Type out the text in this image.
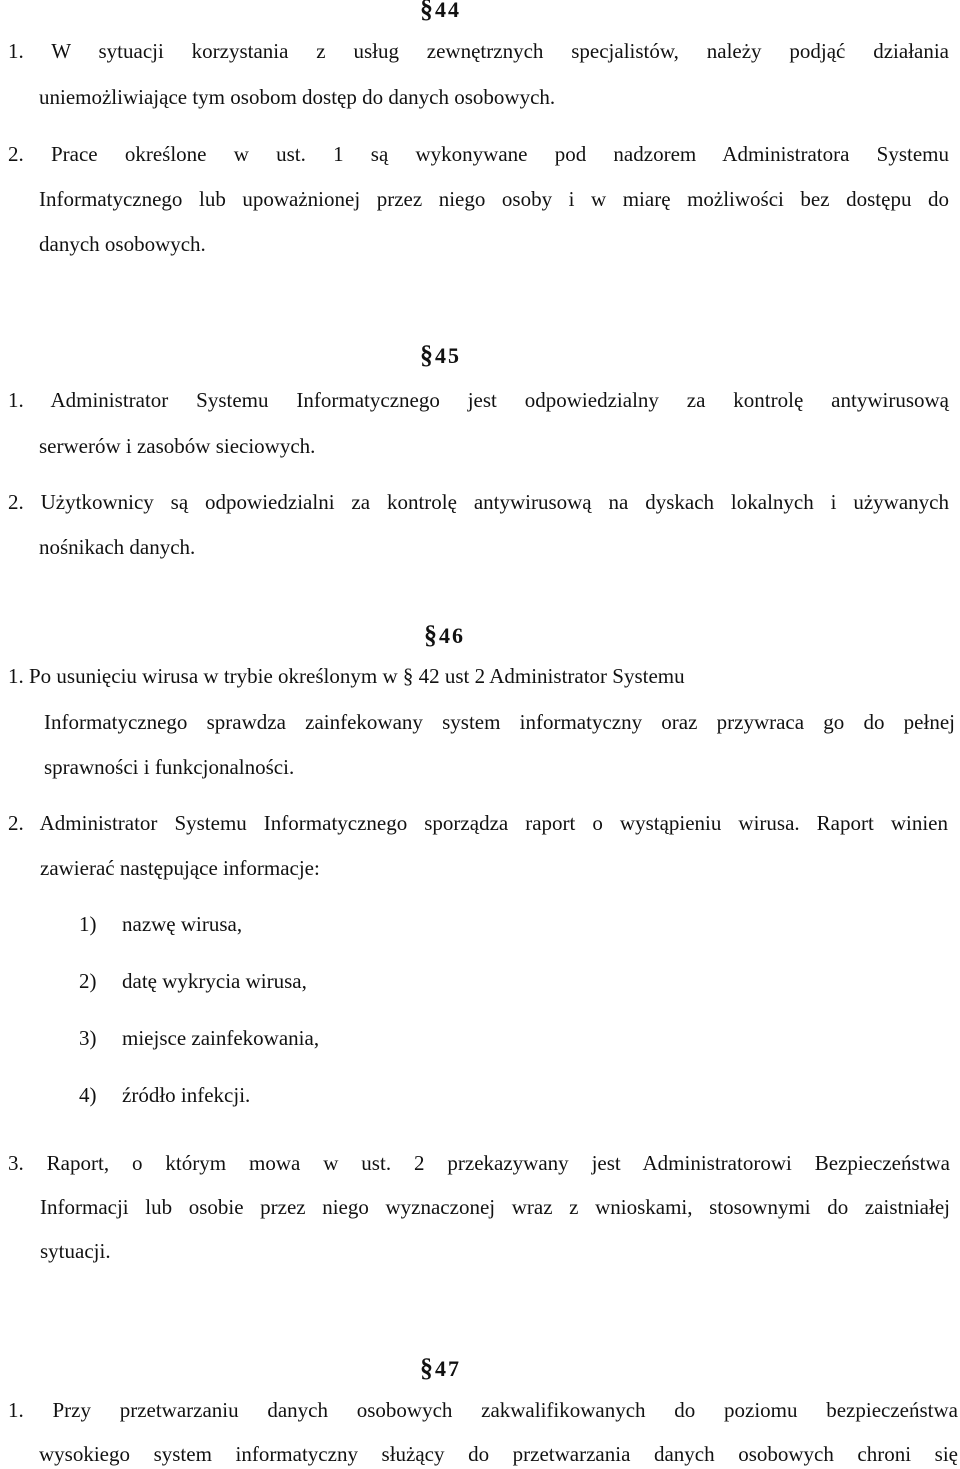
§44
1. W sytuacji korzystania z usług zewnętrznych specjalistów, należy podjąć działania
uniemożliwiające tym osobom dostęp do danych osobowych.
2. Prace określone w ust. 1 są wykonywane pod nadzorem Administratora Systemu
Informatycznego lub upoważnionej przez niego osoby i w miarę możliwości bez dostępu do
danych osobowych.
§45
1. Administrator Systemu Informatycznego jest odpowiedzialny za kontrolę antywirusową
serwerów i zasobów sieciowych.
2. Użytkownicy są odpowiedzialni za kontrolę antywirusową na dyskach lokalnych i używanych
nośnikach danych.
§46
1. Po usunięciu wirusa w trybie określonym w § 42 ust 2 Administrator Systemu
Informatycznego sprawdza zainfekowany system informatyczny oraz przywraca go do pełnej
sprawności i funkcjonalności.
2. Administrator Systemu Informatycznego sporządza raport o wystąpieniu wirusa. Raport winien
zawierać następujące informacje:
1) nazwę wirusa,
2) datę wykrycia wirusa,
3) miejsce zainfekowania,
4) źródło infekcji.
3. Raport, o którym mowa w ust. 2 przekazywany jest Administratorowi Bezpieczeństwa
Informacji lub osobie przez niego wyznaczonej wraz z wnioskami, stosownymi do zaistniałej
sytuacji.
§47
1. Przy przetwarzaniu danych osobowych zakwalifikowanych do poziomu bezpieczeństwa
wysokiego system informatyczny służący do przetwarzania danych osobowych chroni się
